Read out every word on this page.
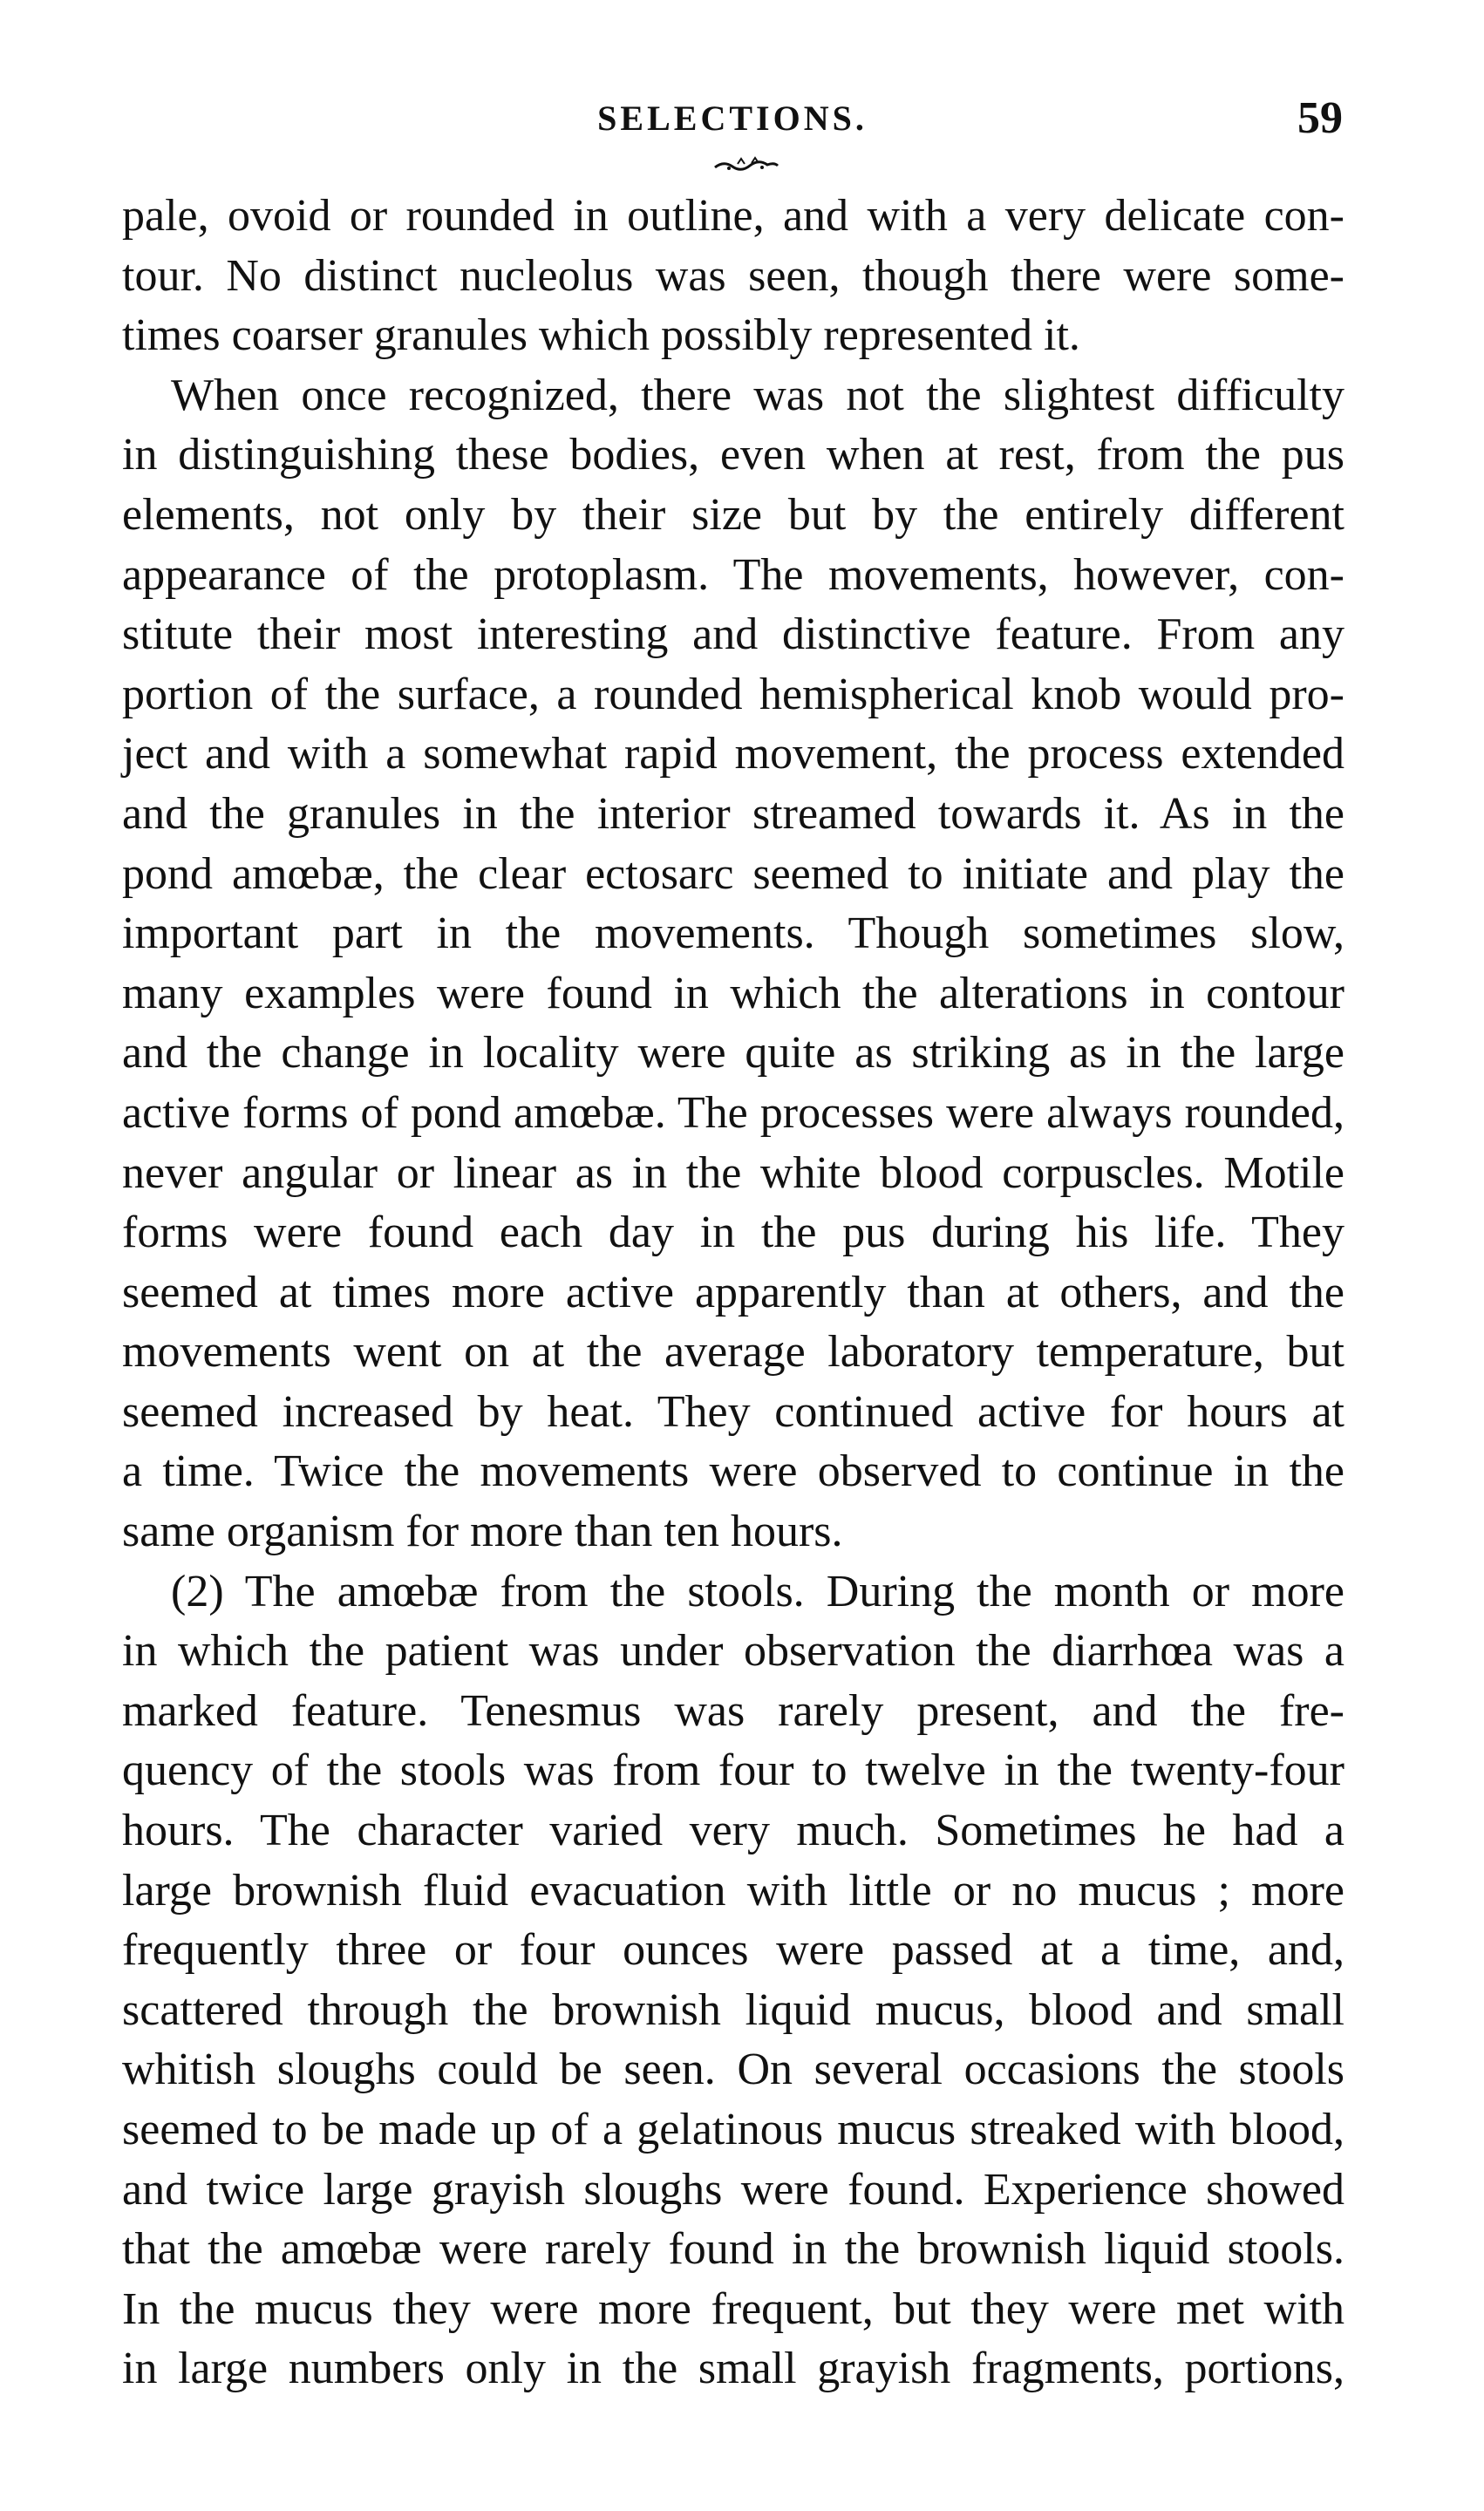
SELECTIONS.	59
pale, ovoid or rounded in outline, and with a very delicate con-
tour. No distinct nucleolus was seen, though there were some-
times coarser granules which possibly represented it.
When once recognized, there was not the slightest difficulty
in distinguishing these bodies, even when at rest, from the pus
elements, not only by their size but by the entirely different
appearance of the protoplasm. The movements, however, con-
stitute their most interesting and distinctive feature. From any
portion of the surface, a rounded hemispherical knob would pro-
ject and with a somewhat rapid movement, the process extended
and the granules in the interior streamed towards it. As in the
pond amœbæ, the clear ectosarc seemed to initiate and play the
important part in the movements. Though sometimes slow,
many examples were found in which the alterations in contour
and the change in locality were quite as striking as in the large
active forms of pond amœbæ. The processes were always rounded,
never angular or linear as in the white blood corpuscles. Motile
forms were found each day in the pus during his life. They
seemed at times more active apparently than at others, and the
movements went on at the average laboratory temperature, but
seemed increased by heat. They continued active for hours at
a time. Twice the movements were observed to continue in the
same organism for more than ten hours.
(2) The amœbæ from the stools. During the month or more
in which the patient was under observation the diarrhœa was a
marked feature. Tenesmus was rarely present, and the fre-
quency of the stools was from four to twelve in the twenty-four
hours. The character varied very much. Sometimes he had a
large brownish fluid evacuation with little or no mucus ; more
frequently three or four ounces were passed at a time, and,
scattered through the brownish liquid mucus, blood and small
whitish sloughs could be seen. On several occasions the stools
seemed to be made up of a gelatinous mucus streaked with blood,
and twice large grayish sloughs were found. Experience showed
that the amœbæ were rarely found in the brownish liquid stools.
In the mucus they were more frequent, but they were met with
in large numbers only in the small grayish fragments, portions,
